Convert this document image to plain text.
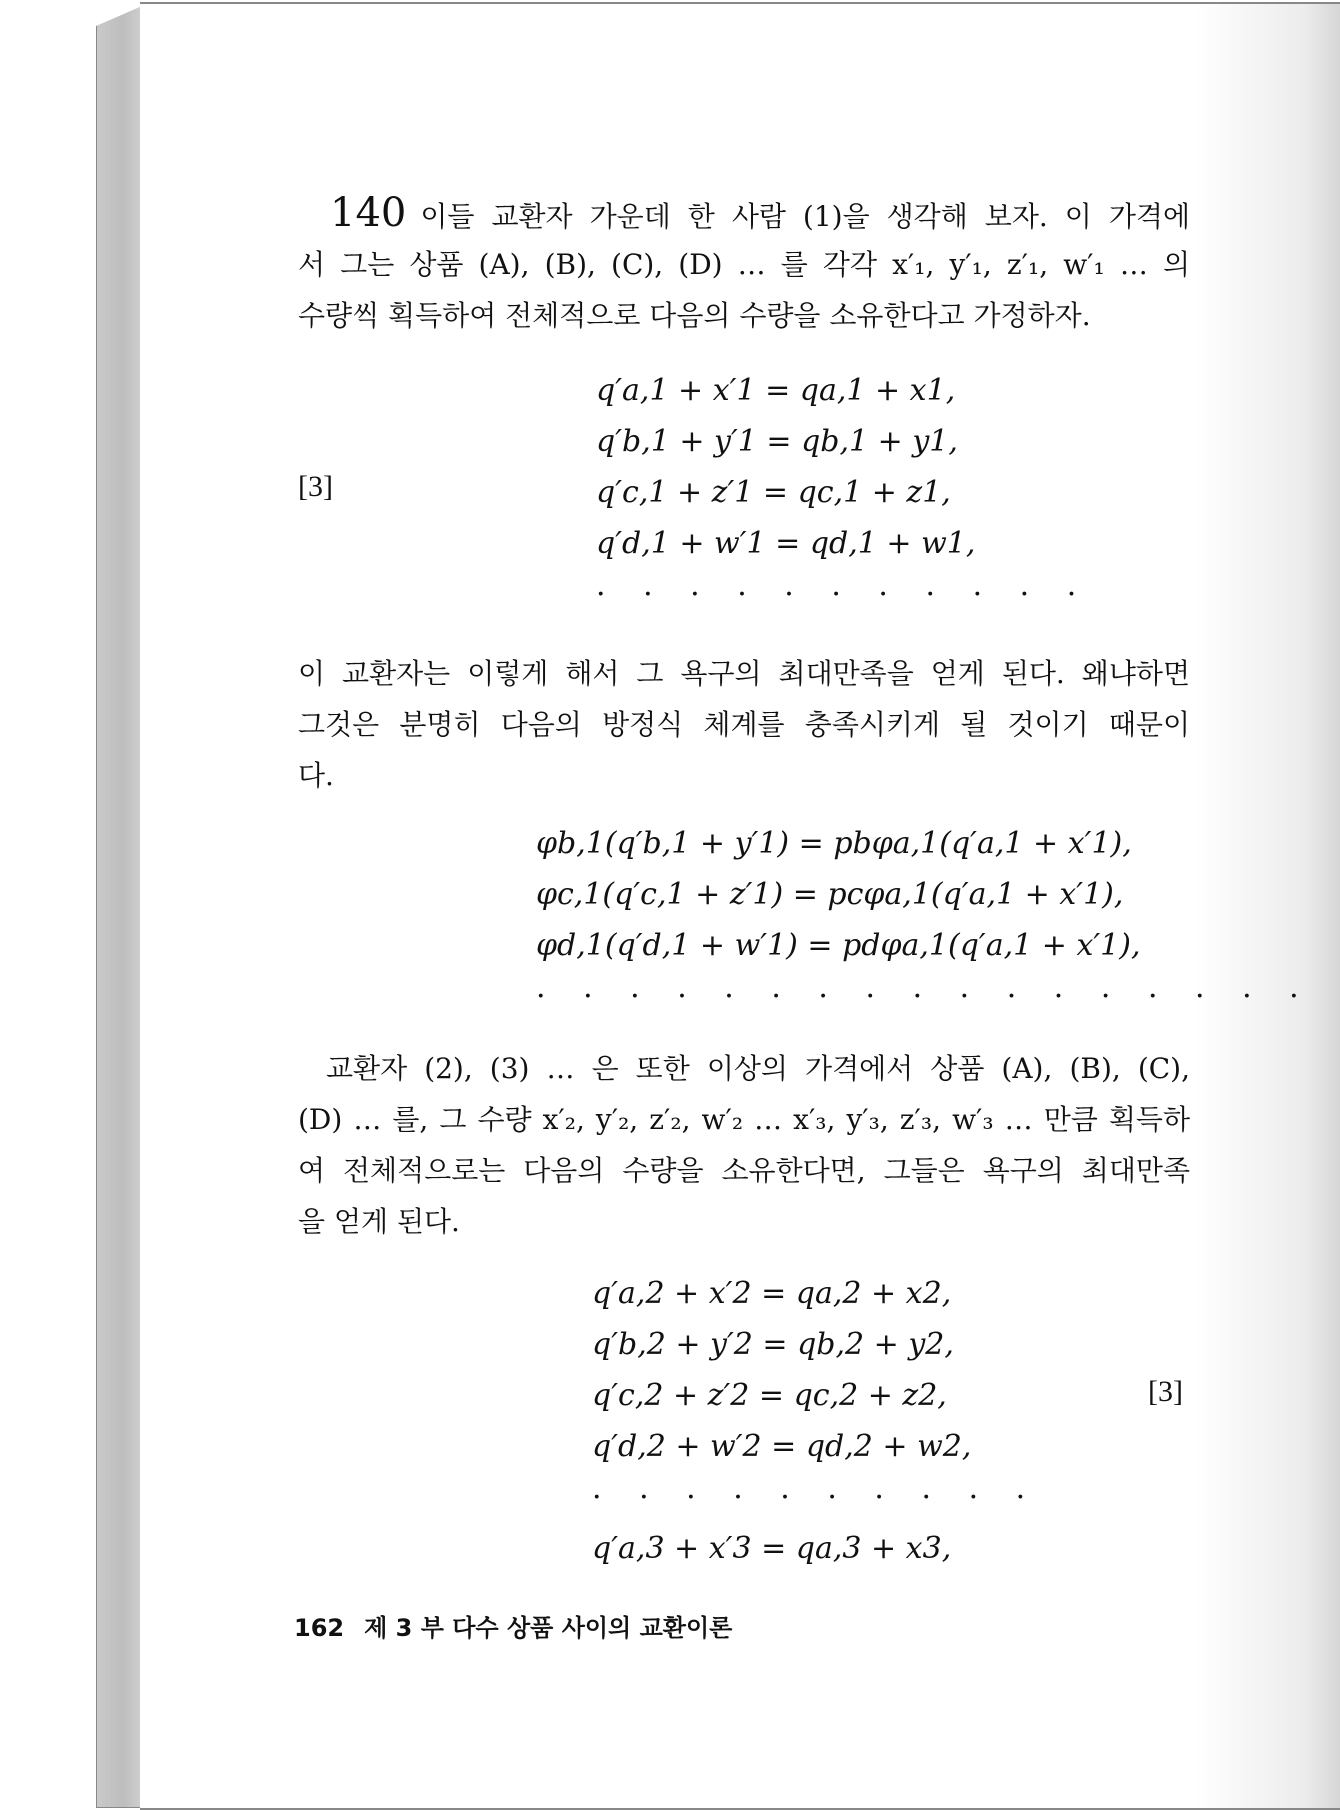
140 이들 교환자 가운데 한 사람 (1)을 생각해 보자. 이 가격에
서 그는 상품 (A), (B), (C), (D) … 를 각각 x′₁, y′₁, z′₁, w′₁ … 의
수량씩 획득하여 전체적으로 다음의 수량을 소유한다고 가정하자.
[3]
q′a,1 + x′1 = qa,1 + x1,
q′b,1 + y′1 = qb,1 + y1,
q′c,1 + z′1 = qc,1 + z1,
q′d,1 + w′1 = qd,1 + w1,
· · · · · · · · · · ·
이 교환자는 이렇게 해서 그 욕구의 최대만족을 얻게 된다. 왜냐하면
그것은 분명히 다음의 방정식 체계를 충족시키게 될 것이기 때문이
다.
φb,1(q′b,1 + y′1) = pbφa,1(q′a,1 + x′1),
φc,1(q′c,1 + z′1) = pcφa,1(q′a,1 + x′1),
φd,1(q′d,1 + w′1) = pdφa,1(q′a,1 + x′1),
· · · · · · · · · · · · · · · · ·
교환자 (2), (3) … 은 또한 이상의 가격에서 상품 (A), (B), (C),
(D) … 를, 그 수량 x′₂, y′₂, z′₂, w′₂ … x′₃, y′₃, z′₃, w′₃ … 만큼 획득하
여 전체적으로는 다음의 수량을 소유한다면, 그들은 욕구의 최대만족
을 얻게 된다.
[3]
q′a,2 + x′2 = qa,2 + x2,
q′b,2 + y′2 = qb,2 + y2,
q′c,2 + z′2 = qc,2 + z2,
q′d,2 + w′2 = qd,2 + w2,
· · · · · · · · · ·
q′a,3 + x′3 = qa,3 + x3,
162 제 3 부 다수 상품 사이의 교환이론
